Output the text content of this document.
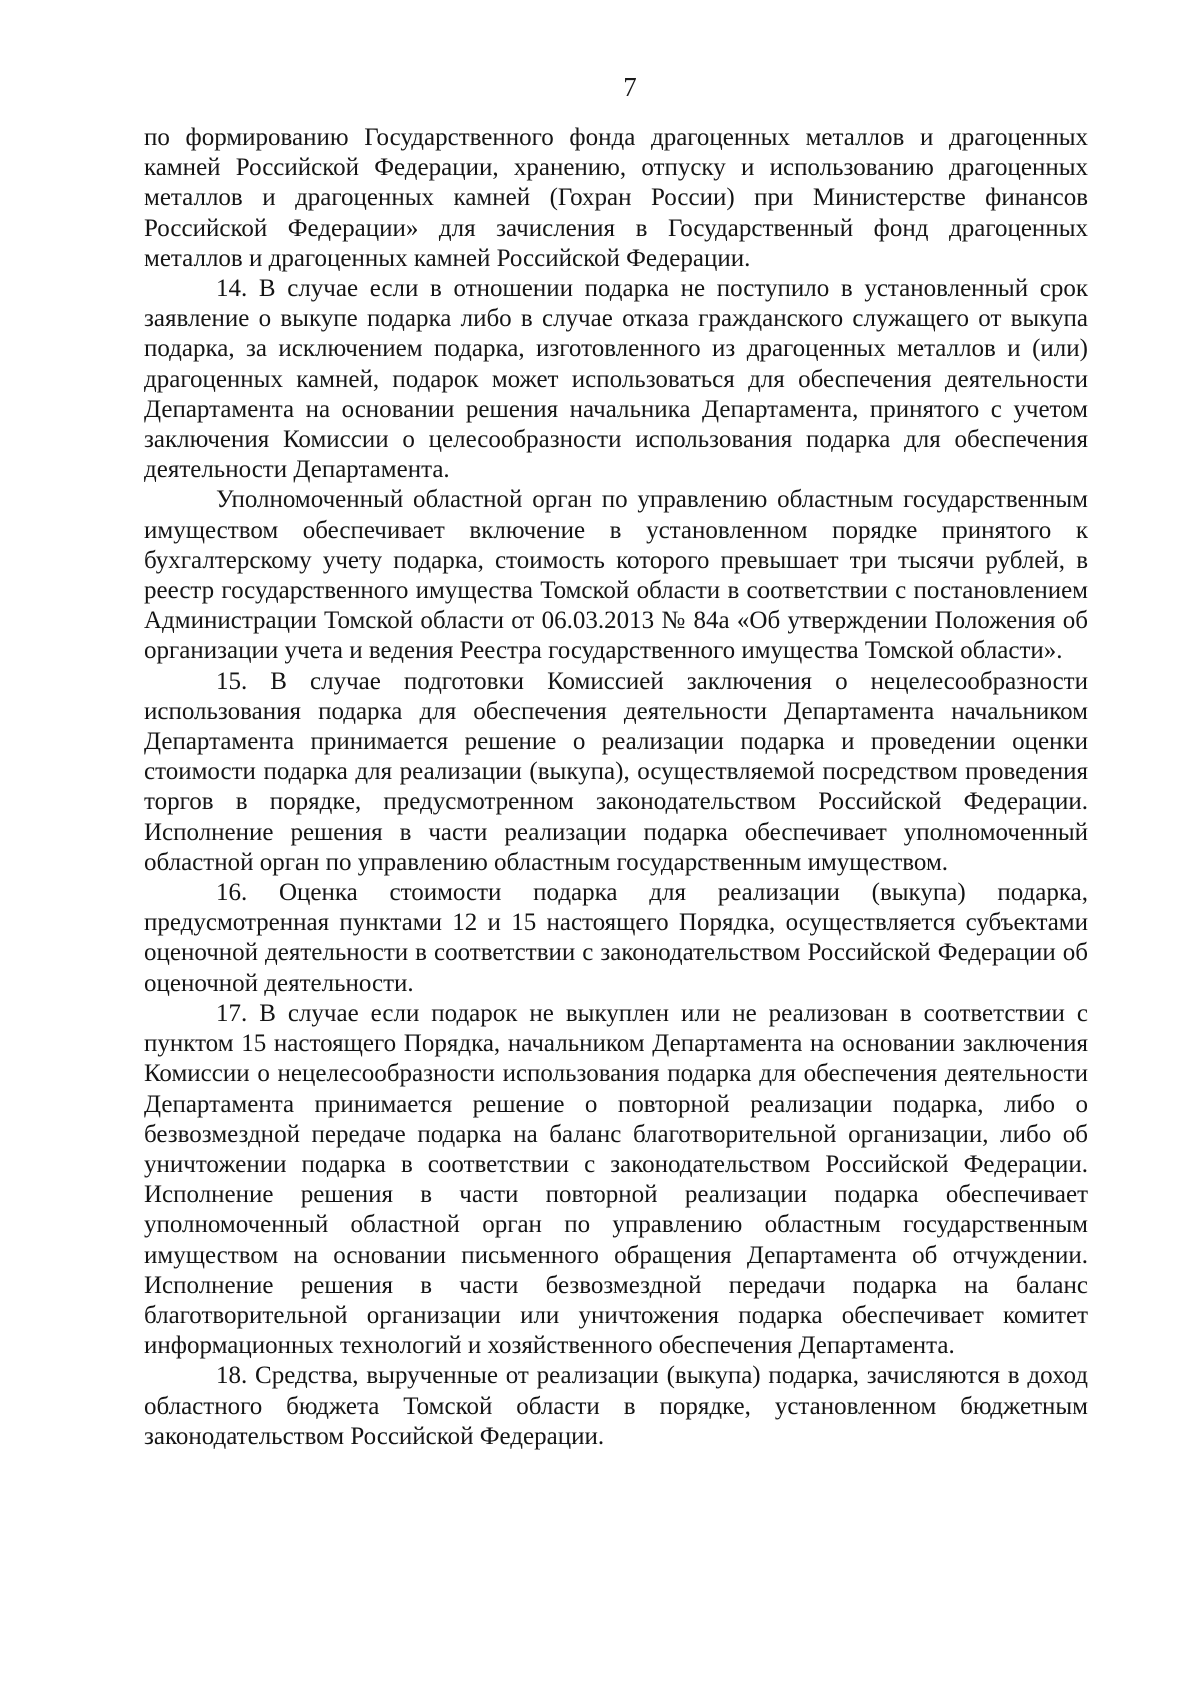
7

по формированию Государственного фонда драгоценных металлов и драгоценных камней Российской Федерации, хранению, отпуску и использованию драгоценных металлов и драгоценных камней (Гохран России) при Министерстве финансов Российской Федерации» для зачисления в Государственный фонд драгоценных металлов и драгоценных камней Российской Федерации.

14. В случае если в отношении подарка не поступило в установленный срок заявление о выкупе подарка либо в случае отказа гражданского служащего от выкупа подарка, за исключением подарка, изготовленного из драгоценных металлов и (или) драгоценных камней, подарок может использоваться для обеспечения деятельности Департамента на основании решения начальника Департамента, принятого с учетом заключения Комиссии о целесообразности использования подарка для обеспечения деятельности Департамента.

Уполномоченный областной орган по управлению областным государственным имуществом обеспечивает включение в установленном порядке принятого к бухгалтерскому учету подарка, стоимость которого превышает три тысячи рублей, в реестр государственного имущества Томской области в соответствии с постановлением Администрации Томской области от 06.03.2013 № 84а «Об утверждении Положения об организации учета и ведения Реестра государственного имущества Томской области».

15. В случае подготовки Комиссией заключения о нецелесообразности использования подарка для обеспечения деятельности Департамента начальником Департамента принимается решение о реализации подарка и проведении оценки стоимости подарка для реализации (выкупа), осуществляемой посредством проведения торгов в порядке, предусмотренном законодательством Российской Федерации. Исполнение решения в части реализации подарка обеспечивает уполномоченный областной орган по управлению областным государственным имуществом.

16. Оценка стоимости подарка для реализации (выкупа) подарка, предусмотренная пунктами 12 и 15 настоящего Порядка, осуществляется субъектами оценочной деятельности в соответствии с законодательством Российской Федерации об оценочной деятельности.

17. В случае если подарок не выкуплен или не реализован в соответствии с пунктом 15 настоящего Порядка, начальником Департамента на основании заключения Комиссии о нецелесообразности использования подарка для обеспечения деятельности Департамента принимается решение о повторной реализации подарка, либо о безвозмездной передаче подарка на баланс благотворительной организации, либо об уничтожении подарка в соответствии с законодательством Российской Федерации. Исполнение решения в части повторной реализации подарка обеспечивает уполномоченный областной орган по управлению областным государственным имуществом на основании письменного обращения Департамента об отчуждении. Исполнение решения в части безвозмездной передачи подарка на баланс благотворительной организации или уничтожения подарка обеспечивает комитет информационных технологий и хозяйственного обеспечения Департамента.

18. Средства, вырученные от реализации (выкупа) подарка, зачисляются в доход областного бюджета Томской области в порядке, установленном бюджетным законодательством Российской Федерации.
